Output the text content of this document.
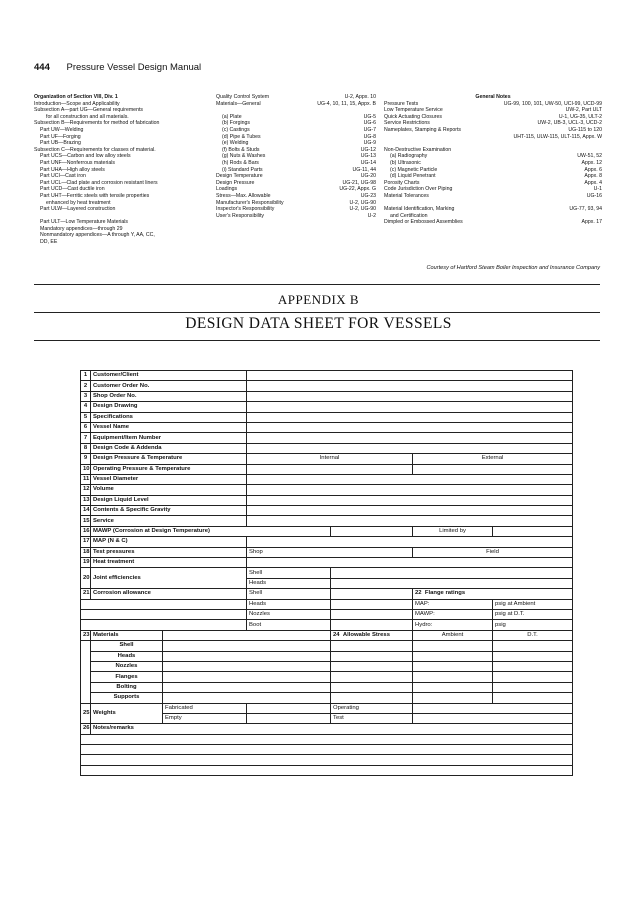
444 Pressure Vessel Design Manual
Organization of Section VIII, Div. 1
Introduction—Scope and Applicability
Subsection A—part UG—General requirements
for all construction and all materials.
Subsection B—Requirements for method of fabrication
Part UW—Welding
Part UF—Forging
Part UB—Brazing
Subsection C—Requirements for classes of material.
Part UCS—Carbon and low alloy steels
Part UNF—Nonferrous materials
Part UHA—High alloy steels
Part UCI—Cast iron
Part UCL—Clad plate and corrosion resistant liners
Part UCD—Cast ductile iron
Part UHT—Ferritic steels with tensile properties
enhanced by heat treatment
Part ULW—Layered construction

Part ULT—Low Temperature Materials
Mandatory appendices—through 29
Nonmandatory appendices—A through Y, AA, CC,
DD, EE
Quality Control System	U-2, Appx. 10
Materials—General	UG-4, 10, 11, 15, Appx. B

(a) Plate	UG-5
(b) Forgings	UG-6
(c) Castings	UG-7
(d) Pipe & Tubes	UG-8
(e) Welding	UG-9
(f) Bolts & Studs	UG-12
(g) Nuts & Washes	UG-13
(h) Rods & Bars	UG-14
(i) Standard Parts	UG-11, 44
Design Temperature	UG-20
Design Pressure	UG-21, UG-98
Loadings	UG-22, Appx. G
Stress—Max. Allowable	UG-23
Manufacturer's Responsibility	U-2, UG-90
Inspector's Responsibility	U-2, UG-90
User's Responsibility	U-2
General Notes
Pressure Tests	UG-99, 100, 101, UW-50, UCI-99, UCD-99
Low Temperature Service	UW-2, Part ULT
Quick Actuating Closures	U-1, UG-35, ULT-2
Service Restrictions	UW-2, UB-3, UCL-3, UCD-2
Nameplates, Stamping & Reports	UG-115 to 120
UHT-115, ULW-115, ULT-115, Appx. W

Non-Destructive Examination
(a) Radiography	UW-51, 52
(b) Ultrasonic	Appx. 12
(c) Magnetic Particle	Appx. 6
(d) Liquid Penetrant	Appx. 8
Porosity Charts	Appx. 4
Code Jurisdiction Over Piping	U-1
Material Tolerances	UG-16

Material Identification, Marking	UG-77, 93, 94
and Certification
Dimpled or Embossed Assemblies	Appx. 17
Courtesy of Hartford Steam Boiler Inspection and Insurance Company
APPENDIX B
DESIGN DATA SHEET FOR VESSELS
1	Customer/Client					
2	Customer Order No.					
3	Shop Order No.					
4	Design Drawing					
5	Specifications					
6	Vessel Name					
7	Equipment/Item Number					
8	Design Code & Addenda					
9	Design Pressure & Temperature		Internal		External	
10	Operating Pressure & Temperature					
11	Vessel Diameter					
12	Volume					
13	Design Liquid Level					
14	Contents & Specific Gravity					
15	Service					
16	MAWP (Corrosion at Design Temperature)				Limited by	
17	MAP (N & C)					
18	Test pressures		Shop		Field	
19	Heat treatment					
20	Joint efficiencies		Shell			
			Heads			
21	Corrosion allowance		Shell		22 Flange ratings	
			Heads		MAP:	psig at Ambient
			Nozzles		MAWP:	psig at D.T.
			Boot		Hydro:	psig
23	Materials			24 Allowable Stress	Ambient	D.T.
	Shell					
	Heads					
	Nozzles					
	Flanges					
	Bolting					
	Supports					
25	Weights	Fabricated		Operating		
		Empty		Test		
26	Notes/remarks					
